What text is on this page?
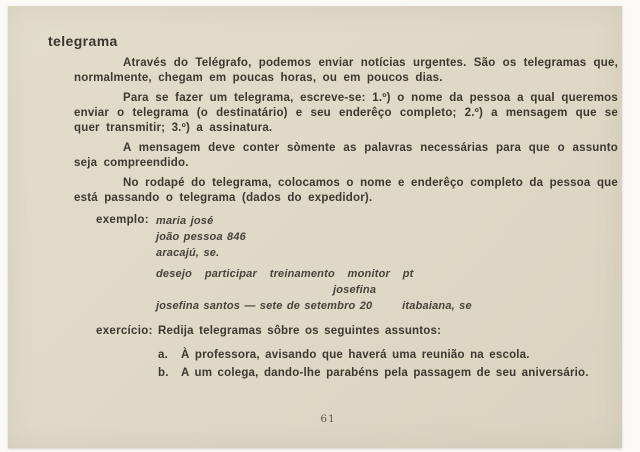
telegrama

Através do Telégrafo, podemos enviar notícias urgentes. São os telegramas que, normalmente, chegam em poucas horas, ou em poucos dias.

Para se fazer um telegrama, escreve-se: 1.º) o nome da pessoa a qual queremos enviar o telegrama (o destinatário) e seu enderêço completo; 2.º) a mensagem que se quer transmitir; 3.º) a assinatura.

A mensagem deve conter sòmente as palavras necessárias para que o assunto seja compreendido.

No rodapé do telegrama, colocamos o nome e enderêço completo da pessoa que está passando o telegrama (dados do expedidor).

exemplo: maria josé
joão pessoa 846
aracajú, se.
desejo   participar   treinamento   monitor   pt
josefina
josefina santos — sete de setembro 20       itabaiana, se
exercício: Redija telegramas sôbre os seguintes assuntos:
a.	À professora, avisando que haverá uma reunião na escola.
b.	A um colega, dando-lhe parabéns pela passagem de seu aniversário.
61
